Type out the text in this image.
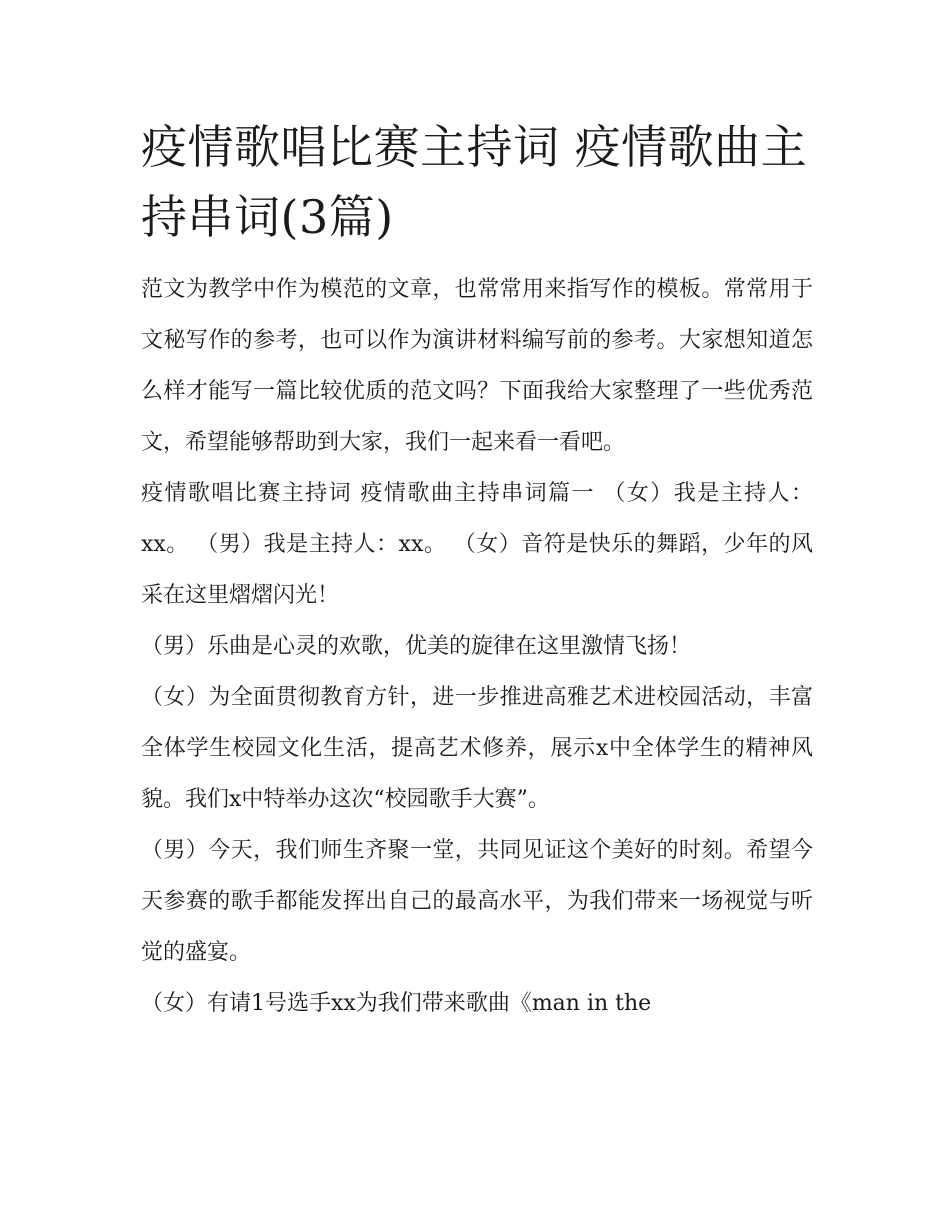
疫情歌唱比赛主持词 疫情歌曲主持串词(3篇)

范文为教学中作为模范的文章，也常常用来指写作的模板。常常用于文秘写作的参考，也可以作为演讲材料编写前的参考。大家想知道怎么样才能写一篇比较优质的范文吗？下面我给大家整理了一些优秀范文，希望能够帮助到大家，我们一起来看一看吧。

疫情歌唱比赛主持词 疫情歌曲主持串词篇一 （女）我是主持人：xx。 （男）我是主持人：xx。 （女）音符是快乐的舞蹈，少年的风采在这里熠熠闪光！

（男）乐曲是心灵的欢歌，优美的旋律在这里激情飞扬！

（女）为全面贯彻教育方针，进一步推进高雅艺术进校园活动，丰富全体学生校园文化生活，提高艺术修养，展示x中全体学生的精神风貌。我们x中特举办这次“校园歌手大赛”。

（男）今天，我们师生齐聚一堂，共同见证这个美好的时刻。希望今天参赛的歌手都能发挥出自己的最高水平，为我们带来一场视觉与听觉的盛宴。

（女）有请1号选手xx为我们带来歌曲《man in the
